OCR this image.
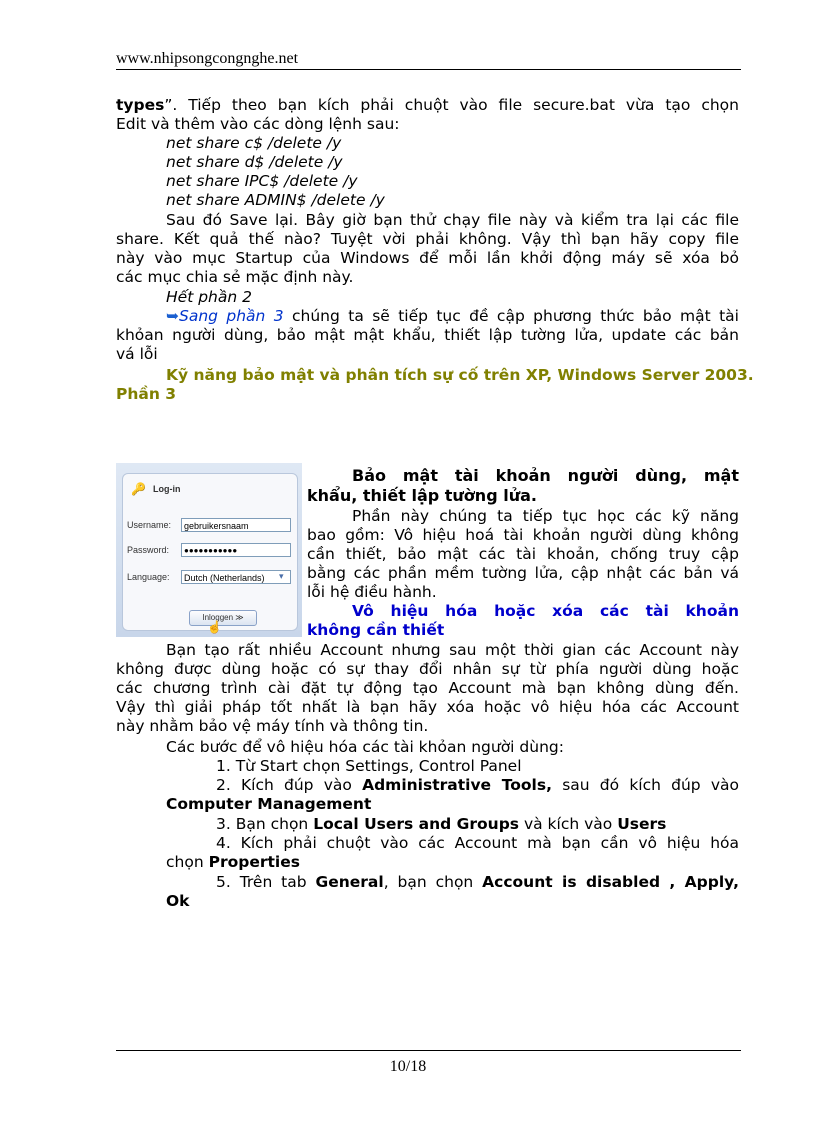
www.nhipsongcongnghe.net
types”. Tiếp theo bạn kích phải chuột vào file secure.bat vừa tạo chọn
Edit và thêm vào các dòng lệnh sau:
net share c$ /delete /y
net share d$ /delete /y
net share IPC$ /delete /y
net share ADMIN$ /delete /y
Sau đó Save lại. Bây giờ bạn thử chạy file này và kiểm tra lại các file
share. Kết quả thế nào? Tuyệt vời phải không. Vậy thì bạn hãy copy file
này vào mục Startup của Windows để mỗi lần khởi động máy sẽ xóa bỏ
các mục chia sẻ mặc định này.
Hết phần 2
➥Sang phần 3 chúng ta sẽ tiếp tục đề cập phương thức bảo mật tài
khỏan người dùng, bảo mật mật khẩu, thiết lập tường lửa, update các bản
vá lỗi
Kỹ năng bảo mật và phân tích sự cố trên XP, Windows Server 2003.
Phần 3
🔑 Log-in
Username:	gebruikersnaam
Password:	●●●●●●●●●●●
Language:	Dutch (Netherlands)	▾
Inloggen ≫
☝
Bảo mật tài khoản người dùng, mật
khẩu, thiết lập tường lửa.
Phần này chúng ta tiếp tục học các kỹ năng
bao gồm: Vô hiệu hoá tài khoản người dùng không
cần thiết, bảo mật các tài khoản, chống truy cập
bằng các phần mềm tường lửa, cập nhật các bản vá
lỗi hệ điều hành.
Vô hiệu hóa hoặc xóa các tài khoản
không cần thiết
Bạn tạo rất nhiều Account nhưng sau một thời gian các Account này
không được dùng hoặc có sự thay đổi nhân sự từ phía người dùng hoặc
các chương trình cài đặt tự động tạo Account mà bạn không dùng đến.
Vậy thì giải pháp tốt nhất là bạn hãy xóa hoặc vô hiệu hóa các Account
này nhằm bảo vệ máy tính và thông tin.
Các bước để vô hiệu hóa các tài khỏan người dùng:
1. Từ Start chọn Settings, Control Panel
2. Kích đúp vào Administrative Tools, sau đó kích đúp vào
Computer Management
3. Bạn chọn Local Users and Groups và kích vào Users
4. Kích phải chuột vào các Account mà bạn cần vô hiệu hóa
chọn Properties
5. Trên tab General, bạn chọn Account is disabled , Apply,
Ok
10/18
